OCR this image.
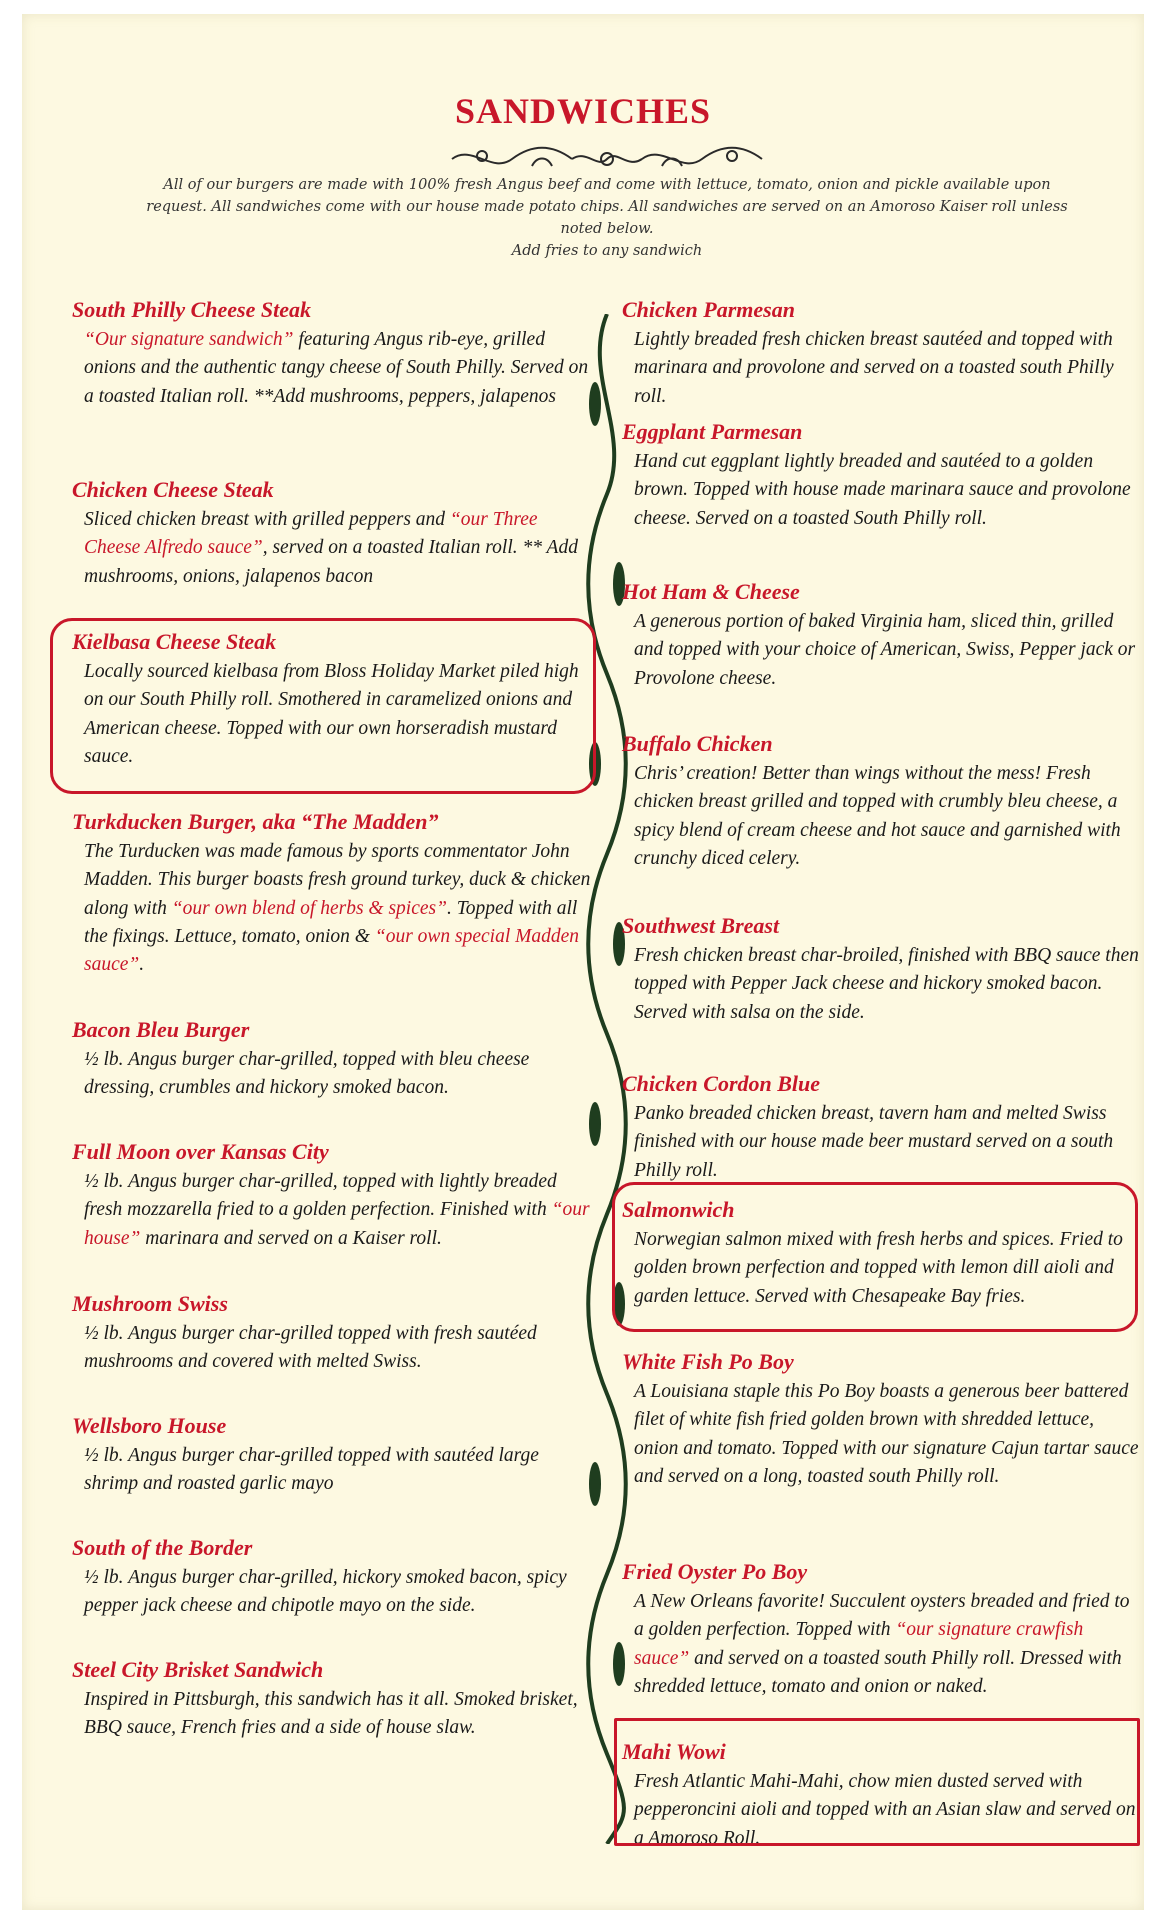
SANDWICHES
All of our burgers are made with 100% fresh Angus beef and come with lettuce, tomato, onion and pickle available upon
request. All sandwiches come with our house made potato chips. All sandwiches are served on an Amoroso Kaiser roll unless
noted below.
Add fries to any sandwich
South Philly Cheese Steak
“Our signature sandwich” featuring Angus rib-eye, grilled onions and the authentic tangy cheese of South Philly. Served on a toasted Italian roll. **Add mushrooms, peppers, jalapenos
Chicken Cheese Steak
Sliced chicken breast with grilled peppers and “our Three Cheese Alfredo sauce”, served on a toasted Italian roll. ** Add mushrooms, onions, jalapenos bacon
Kielbasa Cheese Steak
Locally sourced kielbasa from Bloss Holiday Market piled high on our South Philly roll. Smothered in caramelized onions and American cheese. Topped with our own horseradish mustard sauce.
Turkducken Burger, aka “The Madden”
The Turducken was made famous by sports commentator John Madden. This burger boasts fresh ground turkey, duck & chicken along with “our own blend of herbs & spices”. Topped with all the fixings. Lettuce, tomato, onion & “our own special Madden sauce”.
Bacon Bleu Burger
½ lb. Angus burger char-grilled, topped with bleu cheese dressing, crumbles and hickory smoked bacon.
Full Moon over Kansas City
½ lb. Angus burger char-grilled, topped with lightly breaded fresh mozzarella fried to a golden perfection. Finished with “our house” marinara and served on a Kaiser roll.
Mushroom Swiss
½ lb. Angus burger char-grilled topped with fresh sautéed mushrooms and covered with melted Swiss.
Wellsboro House
½ lb. Angus burger char-grilled topped with sautéed large shrimp and roasted garlic mayo
South of the Border
½ lb. Angus burger char-grilled, hickory smoked bacon, spicy pepper jack cheese and chipotle mayo on the side.
Steel City Brisket Sandwich
Inspired in Pittsburgh, this sandwich has it all. Smoked brisket, BBQ sauce, French fries and a side of house slaw.
Chicken Parmesan
Lightly breaded fresh chicken breast sautéed and topped with marinara and provolone and served on a toasted south Philly roll.
Eggplant Parmesan
Hand cut eggplant lightly breaded and sautéed to a golden brown. Topped with house made marinara sauce and provolone cheese. Served on a toasted South Philly roll.
Hot Ham & Cheese
A generous portion of baked Virginia ham, sliced thin, grilled and topped with your choice of American, Swiss, Pepper jack or Provolone cheese.
Buffalo Chicken
Chris’ creation! Better than wings without the mess! Fresh chicken breast grilled and topped with crumbly bleu cheese, a spicy blend of cream cheese and hot sauce and garnished with crunchy diced celery.
Southwest Breast
Fresh chicken breast char-broiled, finished with BBQ sauce then topped with Pepper Jack cheese and hickory smoked bacon. Served with salsa on the side.
Chicken Cordon Blue
Panko breaded chicken breast, tavern ham and melted Swiss finished with our house made beer mustard served on a south Philly roll.
Salmonwich
Norwegian salmon mixed with fresh herbs and spices. Fried to golden brown perfection and topped with lemon dill aioli and garden lettuce. Served with Chesapeake Bay fries.
White Fish Po Boy
A Louisiana staple this Po Boy boasts a generous beer battered filet of white fish fried golden brown with shredded lettuce, onion and tomato. Topped with our signature Cajun tartar sauce and served on a long, toasted south Philly roll.
Fried Oyster Po Boy
A New Orleans favorite! Succulent oysters breaded and fried to a golden perfection. Topped with “our signature crawfish sauce” and served on a toasted south Philly roll. Dressed with shredded lettuce, tomato and onion or naked.
Mahi Wowi
Fresh Atlantic Mahi-Mahi, chow mien dusted served with pepperoncini aioli and topped with an Asian slaw and served on a Amoroso Roll.
